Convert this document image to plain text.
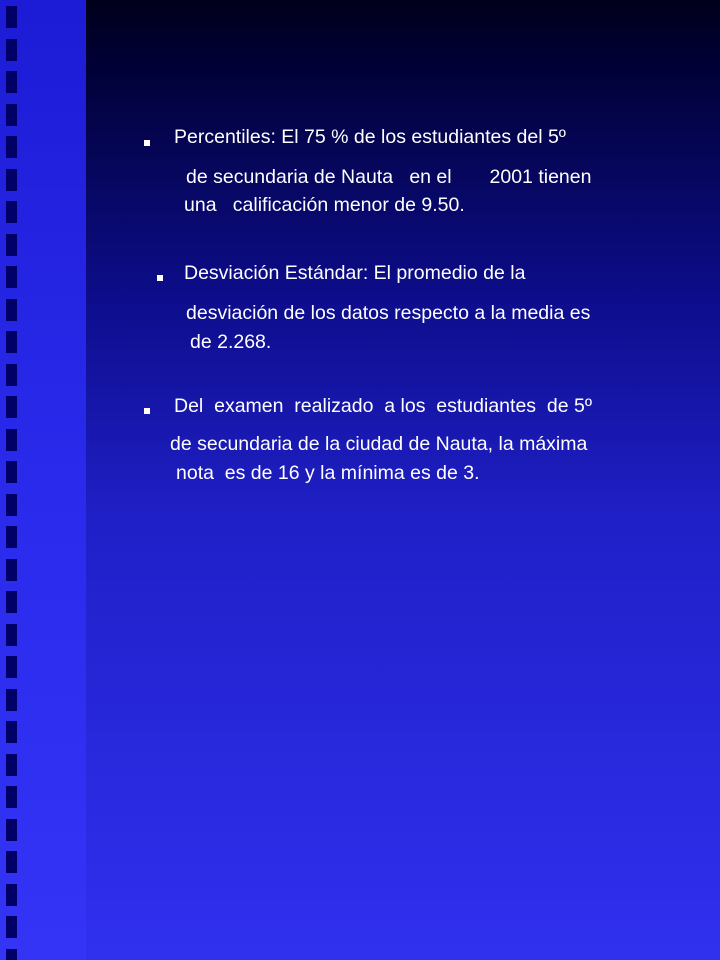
Percentiles: El 75 % de los estudiantes del 5º
de secundaria de Nauta   en el       2001 tienen
una   calificación menor de 9.50.
Desviación Estándar: El promedio de la
desviación de los datos respecto a la media es
de 2.268.
Del  examen  realizado  a los  estudiantes  de 5º
de secundaria de la ciudad de Nauta, la máxima
nota  es de 16 y la mínima es de 3.
